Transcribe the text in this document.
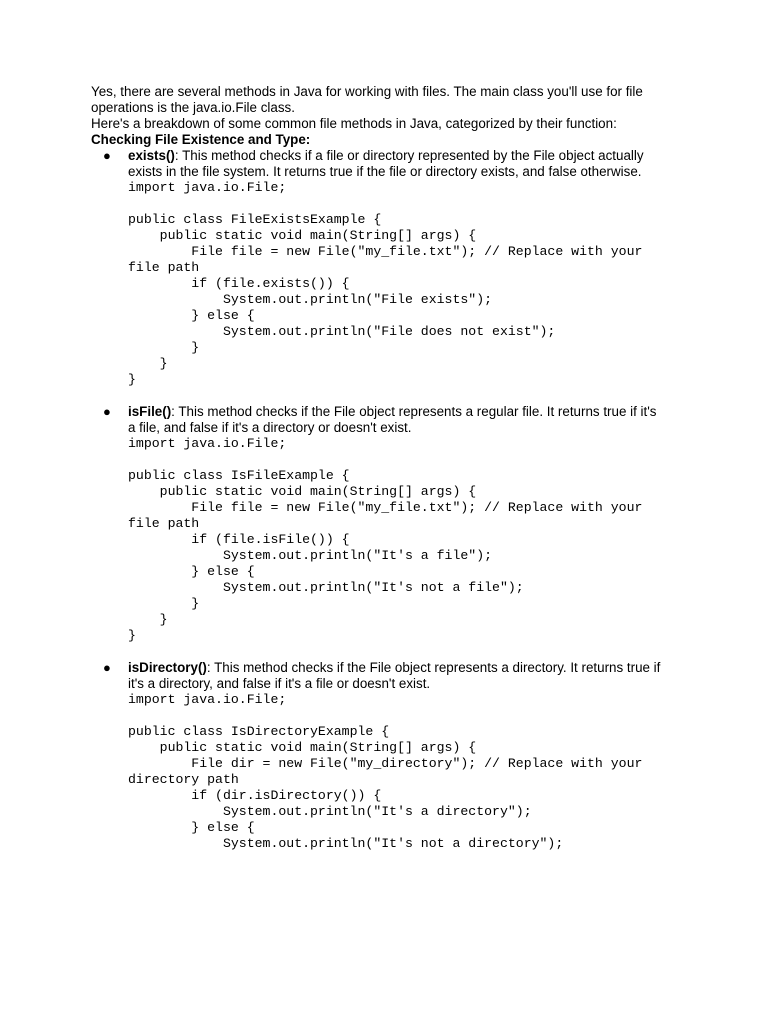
Yes, there are several methods in Java for working with files. The main class you'll use for file

operations is the java.io.File class.

Here's a breakdown of some common file methods in Java, categorized by their function:

Checking File Existence and Type:

● exists(): This method checks if a file or directory represented by the File object actually

exists in the file system. It returns true if the file or directory exists, and false otherwise.

import java.io.File;

public class FileExistsExample {
public static void main(String[] args) {
File file = new File("my_file.txt"); // Replace with your
file path
if (file.exists()) {
System.out.println("File exists");
} else {
System.out.println("File does not exist");
}
}
}
● isFile(): This method checks if the File object represents a regular file. It returns true if it's

a file, and false if it's a directory or doesn't exist.

import java.io.File;

public class IsFileExample {
public static void main(String[] args) {
File file = new File("my_file.txt"); // Replace with your
file path
if (file.isFile()) {
System.out.println("It's a file");
} else {
System.out.println("It's not a file");
}
}
}
● isDirectory(): This method checks if the File object represents a directory. It returns true if

it's a directory, and false if it's a file or doesn't exist.

import java.io.File;

public class IsDirectoryExample {
public static void main(String[] args) {
File dir = new File("my_directory"); // Replace with your
directory path
if (dir.isDirectory()) {
System.out.println("It's a directory");
} else {
System.out.println("It's not a directory");
